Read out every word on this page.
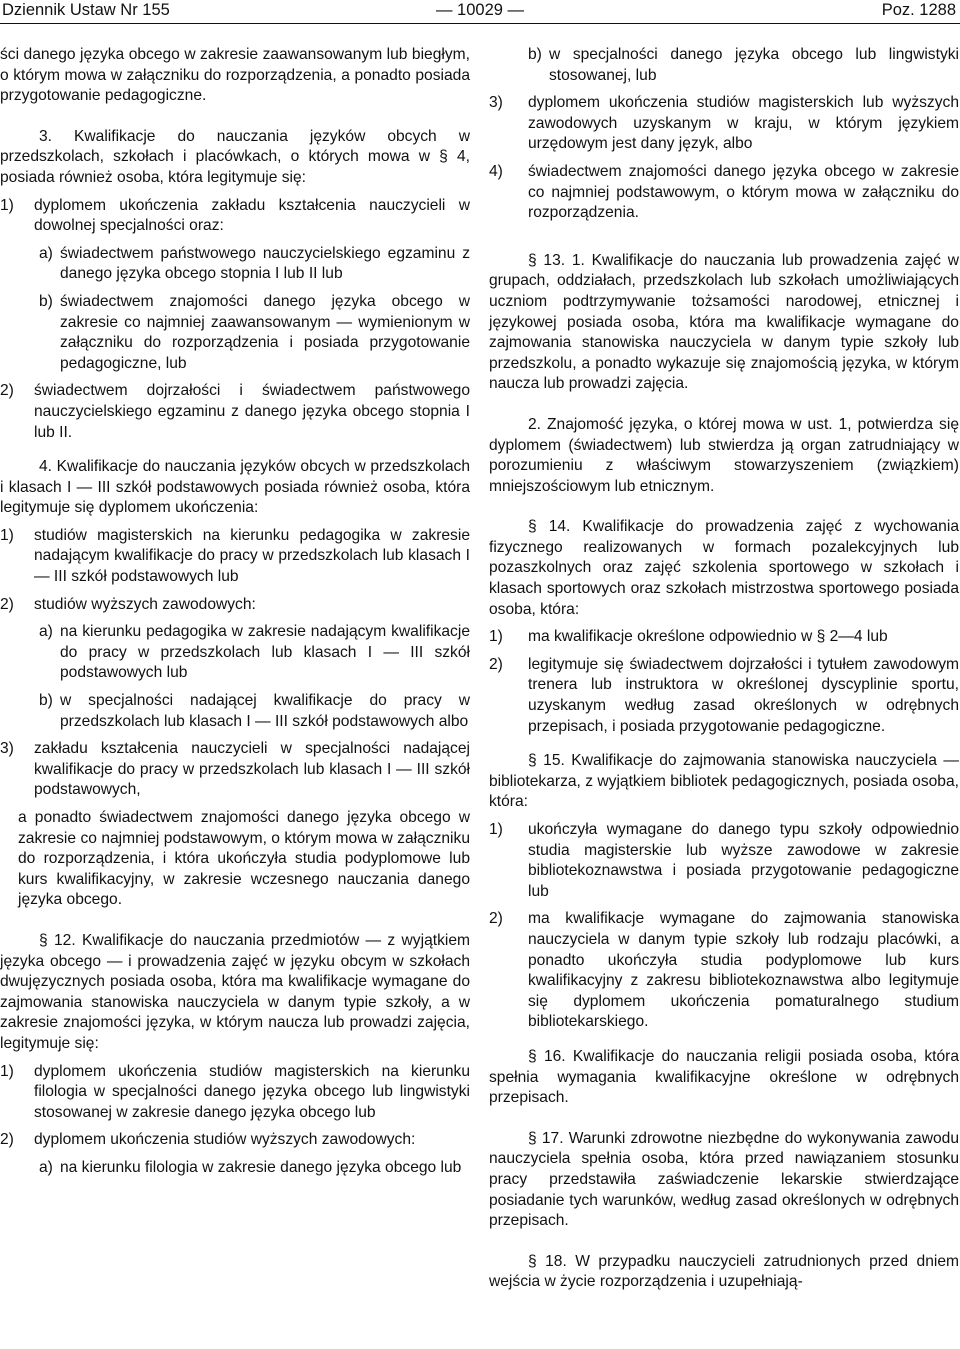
Dziennik Ustaw Nr 155	— 10029 —	Poz. 1288

ści danego języka obcego w zakresie zaawansowanym lub biegłym, o którym mowa w załączniku do rozporządzenia, a ponadto posiada przygotowanie pedagogiczne.

3. Kwalifikacje do nauczania języków obcych w przedszkolach, szkołach i placówkach, o których mowa w § 4, posiada również osoba, która legitymuje się:

1) dyplomem ukończenia zakładu kształcenia nauczycieli w dowolnej specjalności oraz:
a) świadectwem państwowego nauczycielskiego egzaminu z danego języka obcego stopnia I lub II lub
b) świadectwem znajomości danego języka obcego w zakresie co najmniej zaawansowanym — wymienionym w załączniku do rozporządzenia i posiada przygotowanie pedagogiczne, lub
2) świadectwem dojrzałości i świadectwem państwowego nauczycielskiego egzaminu z danego języka obcego stopnia I lub II.

4. Kwalifikacje do nauczania języków obcych w przedszkolach i klasach I — III szkół podstawowych posiada również osoba, która legitymuje się dyplomem ukończenia:

1) studiów magisterskich na kierunku pedagogika w zakresie nadającym kwalifikacje do pracy w przedszkolach lub klasach I — III szkół podstawowych lub
2) studiów wyższych zawodowych:
a) na kierunku pedagogika w zakresie nadającym kwalifikacje do pracy w przedszkolach lub klasach I — III szkół podstawowych lub
b) w specjalności nadającej kwalifikacje do pracy w przedszkolach lub klasach I — III szkół podstawowych albo
3) zakładu kształcenia nauczycieli w specjalności nadającej kwalifikacje do pracy w przedszkolach lub klasach I — III szkół podstawowych,

a ponadto świadectwem znajomości danego języka obcego w zakresie co najmniej podstawowym, o którym mowa w załączniku do rozporządzenia, i która ukończyła studia podyplomowe lub kurs kwalifikacyjny, w zakresie wczesnego nauczania danego języka obcego.

§ 12. Kwalifikacje do nauczania przedmiotów — z wyjątkiem języka obcego — i prowadzenia zajęć w języku obcym w szkołach dwujęzycznych posiada osoba, która ma kwalifikacje wymagane do zajmowania stanowiska nauczyciela w danym typie szkoły, a w zakresie znajomości języka, w którym naucza lub prowadzi zajęcia, legitymuje się:

1) dyplomem ukończenia studiów magisterskich na kierunku filologia w specjalności danego języka obcego lub lingwistyki stosowanej w zakresie danego języka obcego lub
2) dyplomem ukończenia studiów wyższych zawodowych:
a) na kierunku filologia w zakresie danego języka obcego lub
b) w specjalności danego języka obcego lub lingwistyki stosowanej, lub
3) dyplomem ukończenia studiów magisterskich lub wyższych zawodowych uzyskanym w kraju, w którym językiem urzędowym jest dany język, albo
4) świadectwem znajomości danego języka obcego w zakresie co najmniej podstawowym, o którym mowa w załączniku do rozporządzenia.

§ 13. 1. Kwalifikacje do nauczania lub prowadzenia zajęć w grupach, oddziałach, przedszkolach lub szkołach umożliwiających uczniom podtrzymywanie tożsamości narodowej, etnicznej i językowej posiada osoba, która ma kwalifikacje wymagane do zajmowania stanowiska nauczyciela w danym typie szkoły lub przedszkolu, a ponadto wykazuje się znajomością języka, w którym naucza lub prowadzi zajęcia.

2. Znajomość języka, o której mowa w ust. 1, potwierdza się dyplomem (świadectwem) lub stwierdza ją organ zatrudniający w porozumieniu z właściwym stowarzyszeniem (związkiem) mniejszościowym lub etnicznym.

§ 14. Kwalifikacje do prowadzenia zajęć z wychowania fizycznego realizowanych w formach pozalekcyjnych lub pozaszkolnych oraz zajęć szkolenia sportowego w szkołach i klasach sportowych oraz szkołach mistrzostwa sportowego posiada osoba, która:

1) ma kwalifikacje określone odpowiednio w § 2—4 lub
2) legitymuje się świadectwem dojrzałości i tytułem zawodowym trenera lub instruktora w określonej dyscyplinie sportu, uzyskanym według zasad określonych w odrębnych przepisach, i posiada przygotowanie pedagogiczne.

§ 15. Kwalifikacje do zajmowania stanowiska nauczyciela — bibliotekarza, z wyjątkiem bibliotek pedagogicznych, posiada osoba, która:

1) ukończyła wymagane do danego typu szkoły odpowiednio studia magisterskie lub wyższe zawodowe w zakresie bibliotekoznawstwa i posiada przygotowanie pedagogiczne lub
2) ma kwalifikacje wymagane do zajmowania stanowiska nauczyciela w danym typie szkoły lub rodzaju placówki, a ponadto ukończyła studia podyplomowe lub kurs kwalifikacyjny z zakresu bibliotekoznawstwa albo legitymuje się dyplomem ukończenia pomaturalnego studium bibliotekarskiego.

§ 16. Kwalifikacje do nauczania religii posiada osoba, która spełnia wymagania kwalifikacyjne określone w odrębnych przepisach.

§ 17. Warunki zdrowotne niezbędne do wykonywania zawodu nauczyciela spełnia osoba, która przed nawiązaniem stosunku pracy przedstawiła zaświadczenie lekarskie stwierdzające posiadanie tych warunków, według zasad określonych w odrębnych przepisach.

§ 18. W przypadku nauczycieli zatrudnionych przed dniem wejścia w życie rozporządzenia i uzupełniają-
